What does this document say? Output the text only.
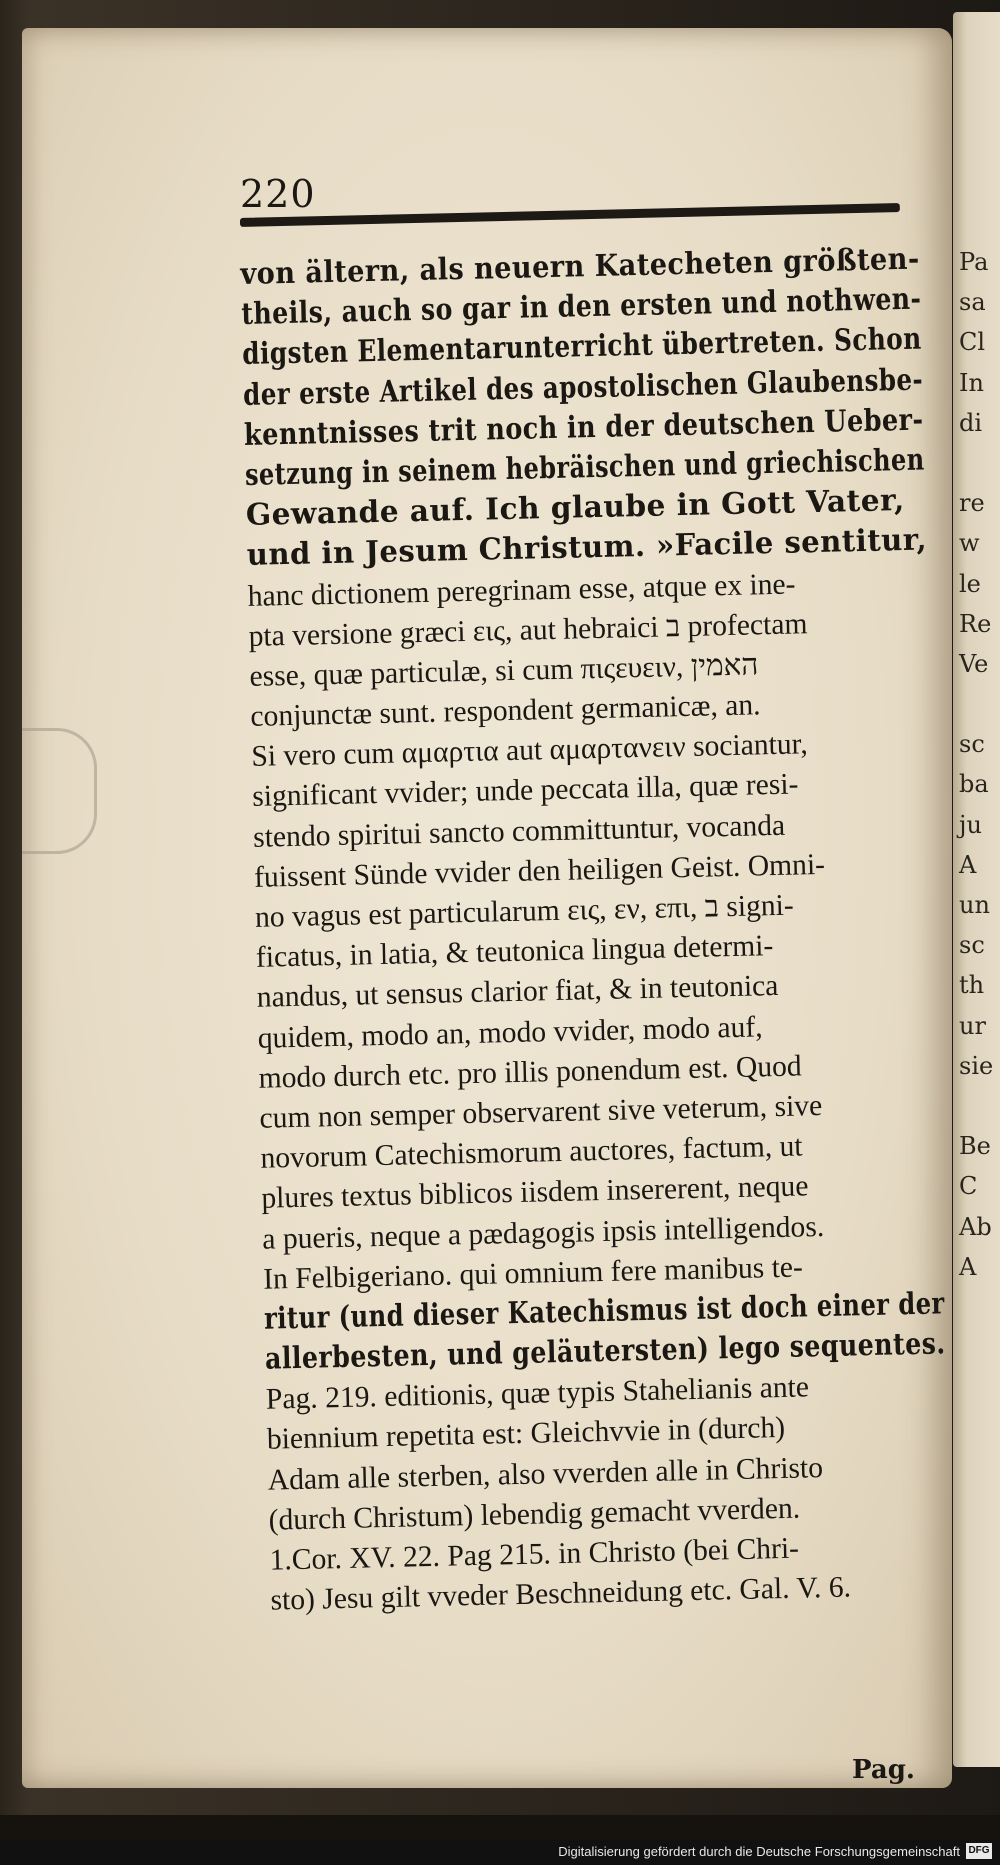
220
von ältern, als neuern Katecheten größten-
theils, auch so gar in den ersten und nothwen-
digsten Elementarunterricht übertreten. Schon
der erste Artikel des apostolischen Glaubensbe-
kenntnisses trit noch in der deutschen Ueber-
setzung in seinem hebräischen und griechischen
Gewande auf. Ich glaube in Gott Vater,
und in Jesum Christum. »Facile sentitur,
hanc dictionem peregrinam esse, atque ex ine-
pta versione græci εις, aut hebraici ב profectam
esse, quæ particulæ, si cum πιςευειν, האמין
conjunctæ sunt. respondent germanicæ, an.
Si vero cum αμαρτια aut αμαρτανειν sociantur,
significant vvider; unde peccata illa, quæ resi-
stendo spiritui sancto committuntur, vocanda
fuissent Sünde vvider den heiligen Geist. Omni-
no vagus est particularum εις, εν, επι, ב signi-
ficatus, in latia, & teutonica lingua determi-
nandus, ut sensus clarior fiat, & in teutonica
quidem, modo an, modo vvider, modo auf,
modo durch etc. pro illis ponendum est. Quod
cum non semper observarent sive veterum, sive
novorum Catechismorum auctores, factum, ut
plures textus biblicos iisdem insererent, neque
a pueris, neque a pædagogis ipsis intelligendos.
In Felbigeriano. qui omnium fere manibus te-
ritur (und dieser Katechismus ist doch einer der
allerbesten, und geläutersten) lego sequentes.
Pag. 219. editionis, quæ typis Stahelianis ante
biennium repetita est: Gleichvvie in (durch)
Adam alle sterben, also vverden alle in Christo
(durch Christum) lebendig gemacht vverden.
1.Cor. XV. 22. Pag 215. in Christo (bei Chri-
sto) Jesu gilt vveder Beschneidung etc. Gal. V. 6.
Pag.
Pa
sa
Cl
In
di
re
w
le
Re
Ve
sc
ba
ju
A
un
sc
th
ur
sie
Be
C
Ab
A
Digitalisierung gefördert durch die Deutsche Forschungsgemeinschaft DFG
